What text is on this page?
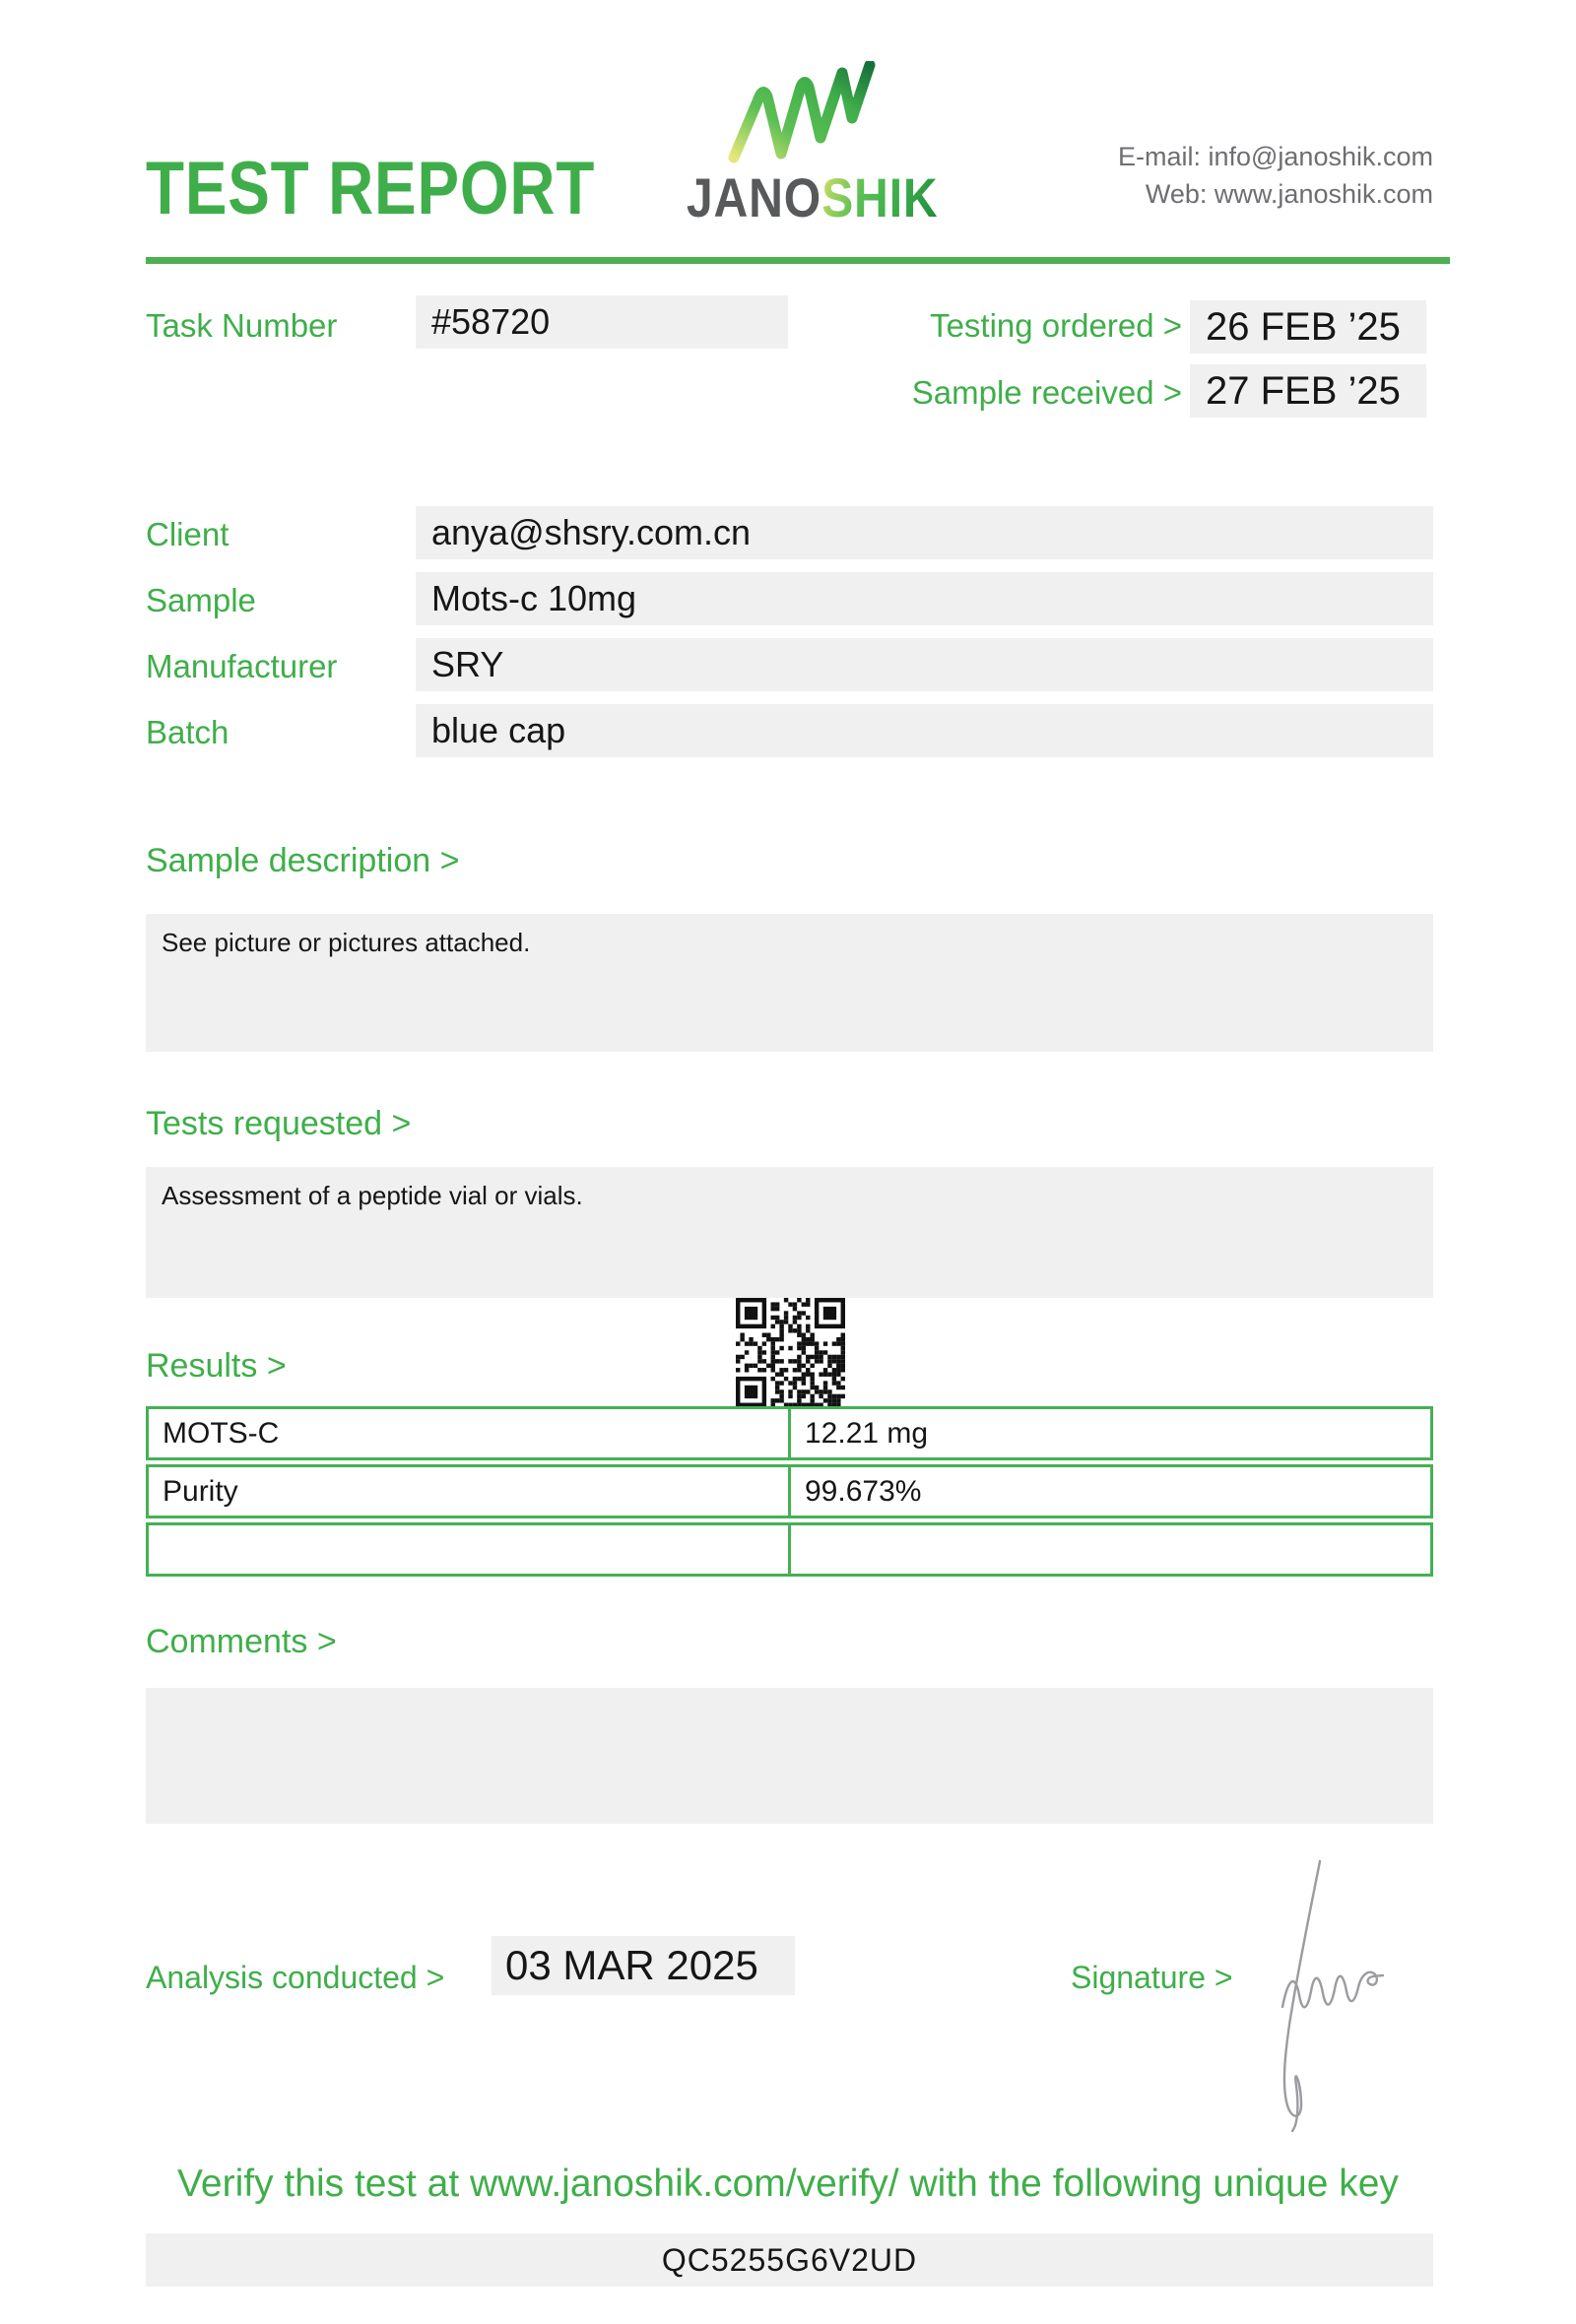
TEST REPORT	JANOSHIK
E-mail: info@janoshik.com
Web: www.janoshik.com
Task Number	#58720	Testing ordered > 26 FEB ’25
Sample received > 27 FEB ’25
Client	anya@shsry.com.cn
Sample	Mots-c 10mg
Manufacturer	SRY
Batch	blue cap
Sample description >
See picture or pictures attached.
Tests requested >
Assessment of a peptide vial or vials.
Results >
MOTS-C	12.21 mg
Purity	99.673%
Comments >
Analysis conducted >	03 MAR 2025	Signature >
Verify this test at www.janoshik.com/verify/ with the following unique key
QC5255G6V2UD
